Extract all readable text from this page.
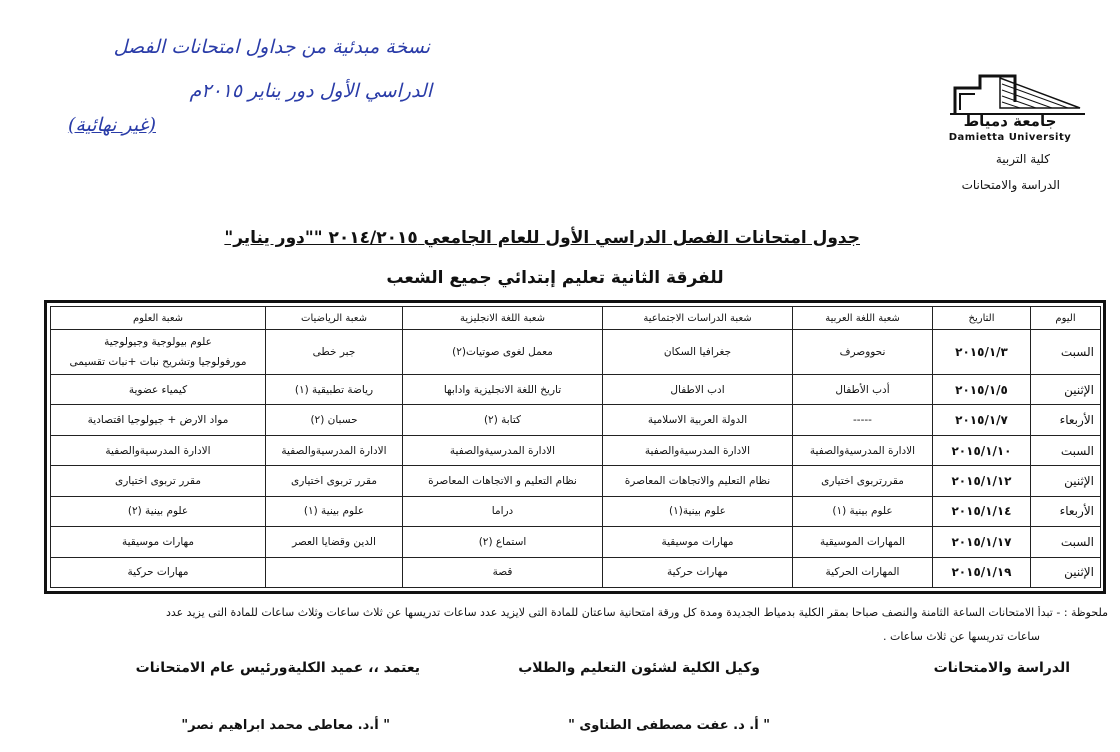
نسخة مبدئية من جداول امتحانات الفصل
الدراسي الأول دور يناير ٢٠١٥م
(غير نهائية)	جامعة دمياط
Damietta University
كلية التربية
الدراسة والامتحانات
جدول امتحانات الفصل الدراسي الأول للعام الجامعي ٢٠١٤/٢٠١٥ ""دور يناير"
للفرقة الثانية تعليم إبتدائي جميع الشعب
اليوم	التاريخ	شعبة اللغة العربية	شعبة الدراسات الاجتماعية	شعبة اللغة الانجليزية	شعبة الرياضيات	شعبة العلوم
السبت	٢٠١٥/١/٣	نحووصرف	جغرافيا السكان	معمل لغوى صوتيات(٢)	جبر خطى	علوم بيولوجية وجيولوجية
مورفولوجيا وتشريح نبات +نبات تقسيمى

الإثنين	٢٠١٥/١/٥	أدب الأطفال	ادب الاطفال	تاريخ اللغة الانجليزية وادابها	رياضة تطبيقية (١)	كيمياء عضوية
الأربعاء	٢٠١٥/١/٧	-----	الدولة العربية الاسلامية	كتابة (٢)	حسبان (٢)	مواد الارض + جيولوجيا اقتصادية
السبت	٢٠١٥/١/١٠	الادارة المدرسيةوالصفية	الادارة المدرسيةوالصفية	الادارة المدرسيةوالصفية	الادارة المدرسيةوالصفية	الادارة المدرسيةوالصفية
الإثنين	٢٠١٥/١/١٢	مقررتربوى اختيارى	نظام التعليم والاتجاهات المعاصرة	نظام التعليم و الاتجاهات المعاصرة	مقرر تربوى اختيارى	مقرر تربوى اختيارى
الأربعاء	٢٠١٥/١/١٤	علوم بينية (١)	علوم بينية(١)	دراما	علوم بينية (١)	علوم بينية (٢)
السبت	٢٠١٥/١/١٧	المهارات الموسيقية	مهارات موسيقية	استماع (٢)	الدين وقضايا العصر	مهارات موسيقية
الإثنين	٢٠١٥/١/١٩	المهارات الحركية	مهارات حركية	قصة		مهارات حركية
ملحوظة : - تبدأ الامتحانات الساعة الثامنة والنصف صباحا بمقر الكلية بدمياط الجديدة ومدة كل ورقة امتحانية ساعتان للمادة التى لايزيد عدد ساعات تدريسها عن ثلاث ساعات وثلاث ساعات للمادة التى يزيد عدد
ساعات تدريسها عن ثلاث ساعات .
الدراسة والامتحانات
وكيل الكلية لشئون التعليم والطلاب
يعتمد ،، عميد الكليةورئيس عام الامتحانات
" أ. د. عفت مصطفى الطناوى "
" أ.د. معاطى محمد ابراهيم نصر"
